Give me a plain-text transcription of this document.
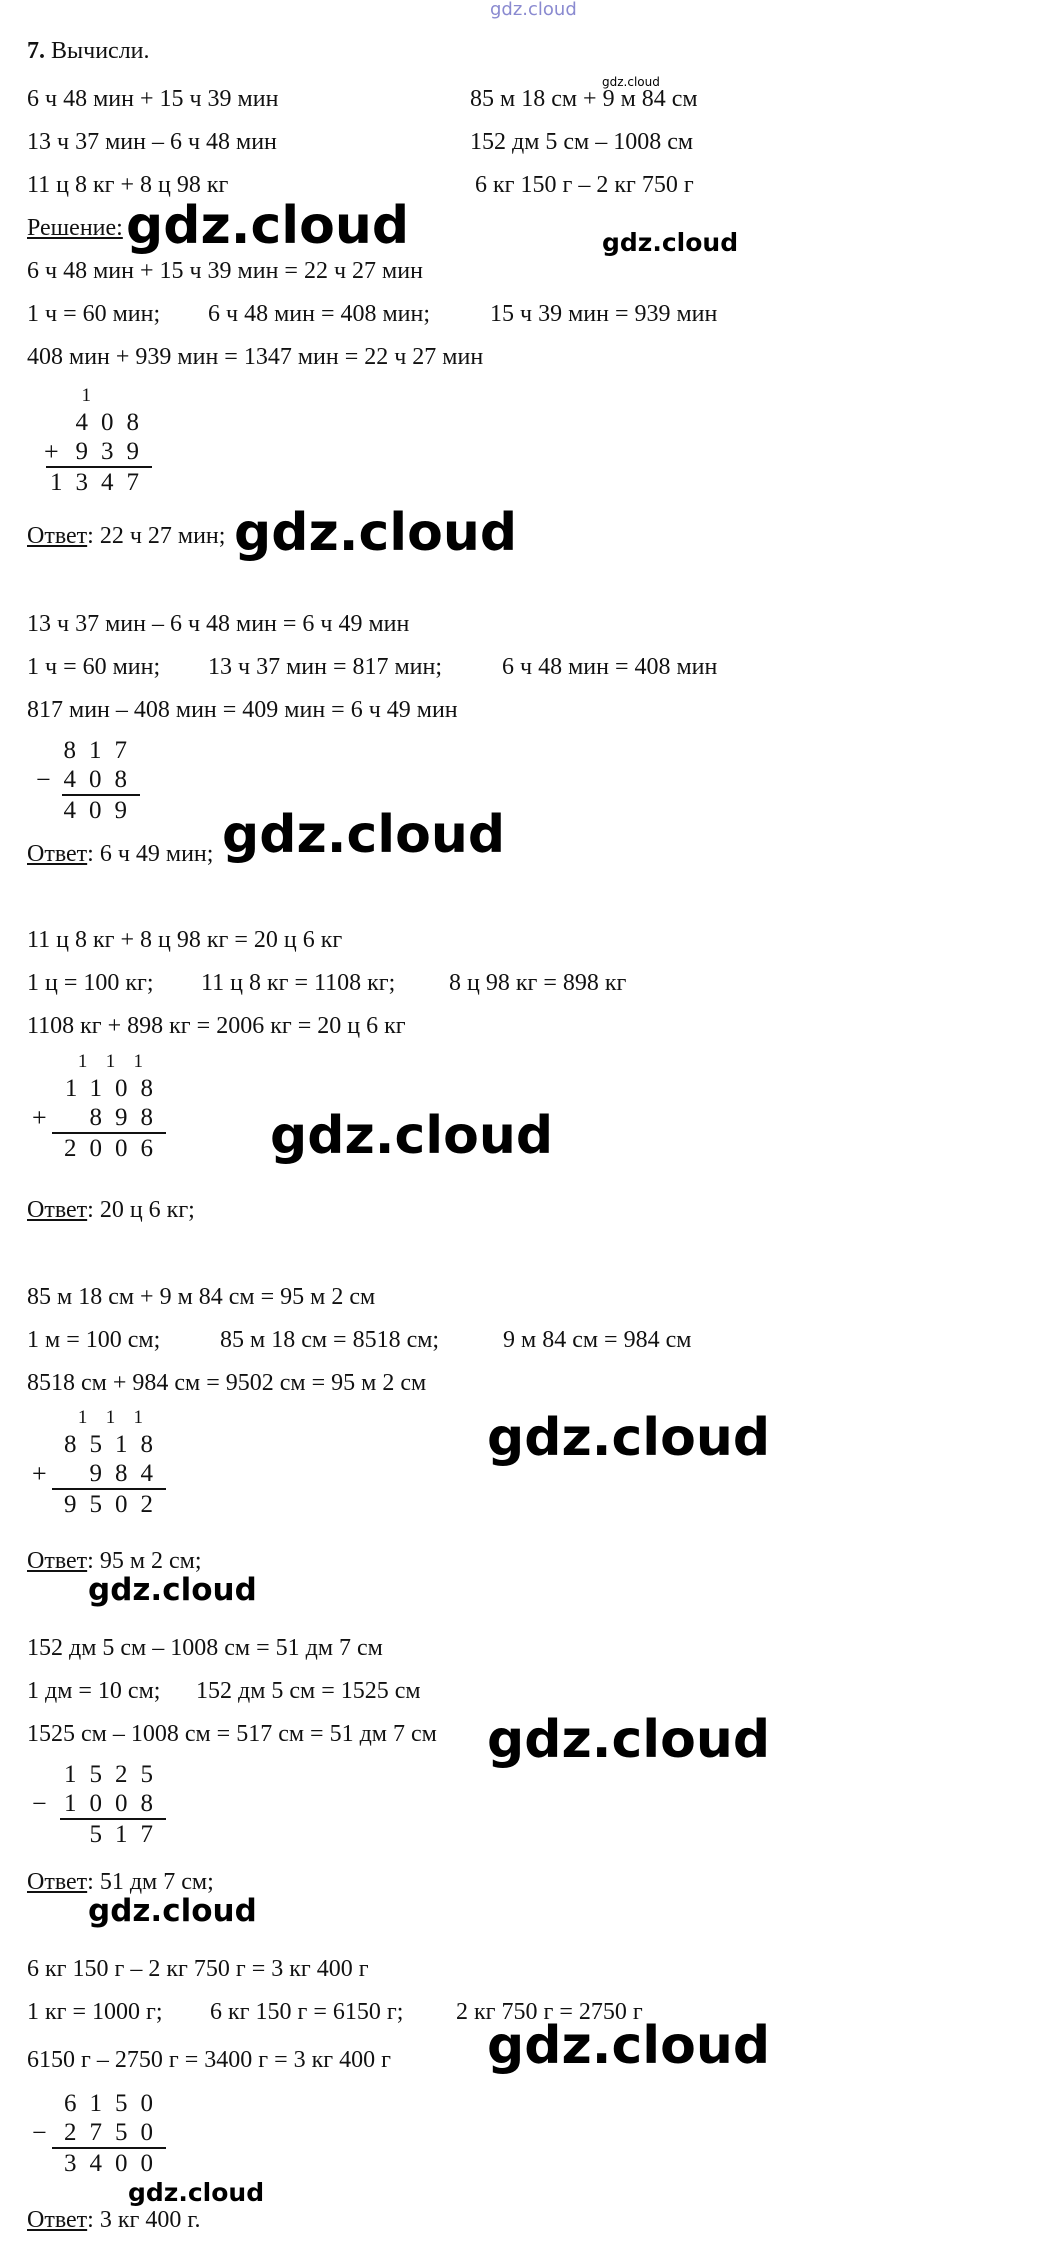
gdz.cloud
7. Вычисли.
gdz.cloud
6 ч 48 мин + 15 ч 39 мин	85 м 18 см + 9 м 84 см
13 ч 37 мин – 6 ч 48 мин	152 дм 5 см – 1008 см
11 ц 8 кг + 8 ц 98 кг	6 кг 150 г – 2 кг 750 г
Решение: gdz.cloud	gdz.cloud
6 ч 48 мин + 15 ч 39 мин = 22 ч 27 мин
1 ч = 60 мин; 6 ч 48 мин = 408 мин; 15 ч 39 мин = 939 мин
408 мин + 939 мин = 1347 мин = 22 ч 27 мин
1
408
+ 939
1347
Ответ: 22 ч 27 мин; gdz.cloud
13 ч 37 мин – 6 ч 48 мин = 6 ч 49 мин
1 ч = 60 мин; 13 ч 37 мин = 817 мин; 6 ч 48 мин = 408 мин
817 мин – 408 мин = 409 мин = 6 ч 49 мин
817
− 408
409
Ответ: 6 ч 49 мин; gdz.cloud
11 ц 8 кг + 8 ц 98 кг = 20 ц 6 кг
1 ц = 100 кг; 11 ц 8 кг = 1108 кг; 8 ц 98 кг = 898 кг
1108 кг + 898 кг = 2006 кг = 20 ц 6 кг
111
1108
+ 898
2006 gdz.cloud
Ответ: 20 ц 6 кг;
85 м 18 см + 9 м 84 см = 95 м 2 см
1 м = 100 см; 85 м 18 см = 8518 см;	9 м 84 см = 984 см
8518 см + 984 см = 9502 см = 95 м 2 см
111
8518
+ 984
9502
gdz.cloud
Ответ: 95 м 2 см;
gdz.cloud
152 дм 5 см – 1008 см = 51 дм 7 см
1 дм = 10 см; 152 дм 5 см = 1525 см
1525 см – 1008 см = 517 см = 51 дм 7 см
1525
− 1008
517
gdz.cloud
Ответ: 51 дм 7 см;
gdz.cloud
6 кг 150 г – 2 кг 750 г = 3 кг 400 г
1 кг = 1000 г; 6 кг 150 г = 6150 г; 2 кг 750 г = 2750 г
6150 г – 2750 г = 3400 г = 3 кг 400 г
6150
− 2750
3400
gdz.cloud
gdz.cloud
Ответ: 3 кг 400 г.
